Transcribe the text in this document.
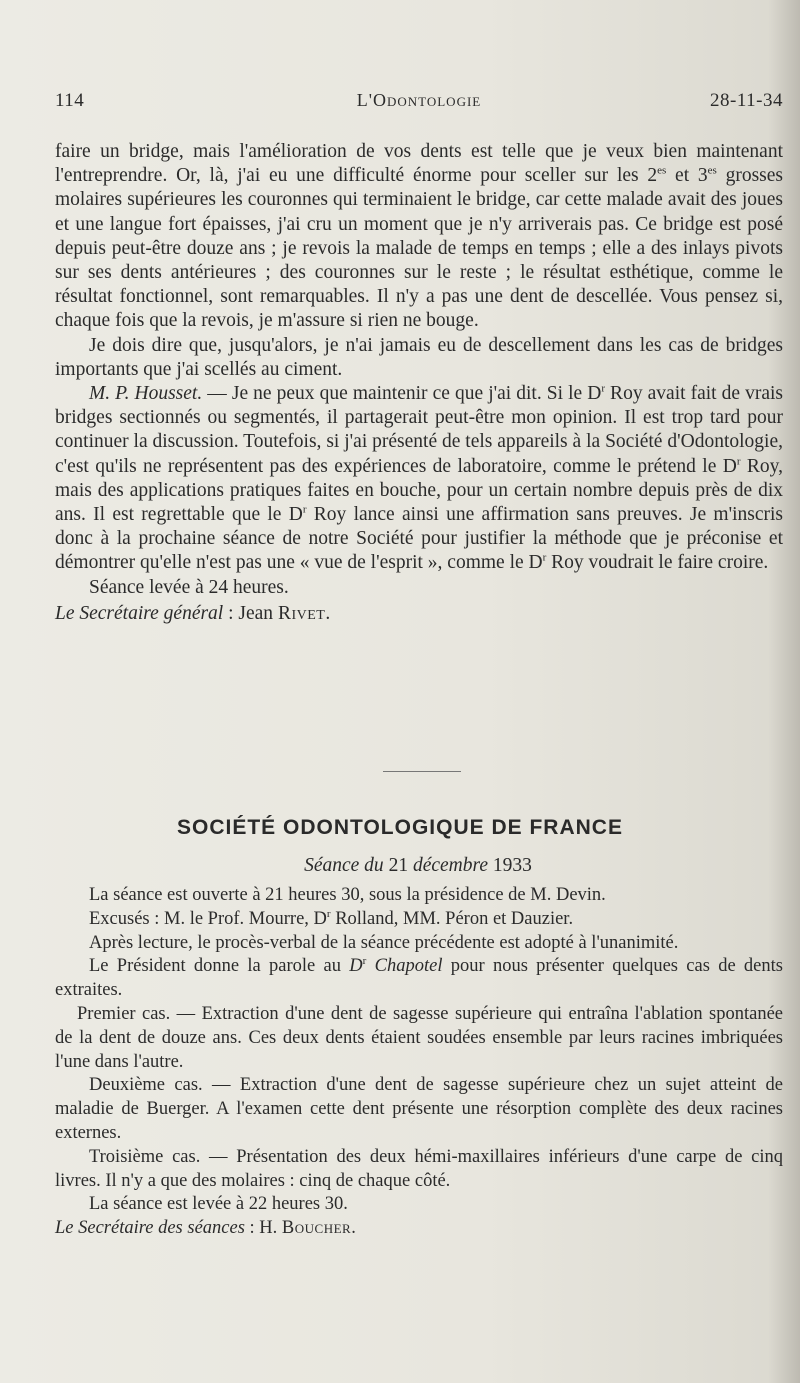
114	L'Odontologie	28-11-34

faire un bridge, mais l'amélioration de vos dents est telle que je veux bien maintenant l'entreprendre. Or, là, j'ai eu une difficulté énorme pour sceller sur les $2^{es}$ et $3^{es}$ grosses molaires supérieures les couronnes qui terminaient le bridge, car cette malade avait des joues et une langue fort épaisses, j'ai cru un moment que je n'y arriverais pas. Ce bridge est posé depuis peut-être douze ans ; je revois la malade de temps en temps ; elle a des inlays pivots sur ses dents antérieures ; des couronnes sur le reste ; le résultat esthétique, comme le résultat fonctionnel, sont remarquables. Il n'y a pas une dent de descellée. Vous pensez si, chaque fois que la revois, je m'assure si rien ne bouge.

Je dois dire que, jusqu'alors, je n'ai jamais eu de descellement dans les cas de bridges importants que j'ai scellés au ciment.

M. P. Housset. — Je ne peux que maintenir ce que j'ai dit. Si le $D^r$ Roy avait fait de vrais bridges sectionnés ou segmentés, il partagerait peut-être mon opinion. Il est trop tard pour continuer la discussion. Toutefois, si j'ai présenté de tels appareils à la Société d'Odontologie, c'est qu'ils ne représentent pas des expériences de laboratoire, comme le prétend le $D^r$ Roy, mais des applications pratiques faites en bouche, pour un certain nombre depuis près de dix ans. Il est regrettable que le $D^r$ Roy lance ainsi une affirmation sans preuves. Je m'inscris donc à la prochaine séance de notre Société pour justifier la méthode que je préconise et démontrer qu'elle n'est pas une « vue de l'esprit », comme le $D^r$ Roy voudrait le faire croire.

Séance levée à 24 heures.

Le Secrétaire général : Jean Rivet.

SOCIÉTÉ ODONTOLOGIQUE DE FRANCE
Séance du 21 décembre 1933

La séance est ouverte à 21 heures 30, sous la présidence de M. Devin.

Excusés : M. le Prof. Mourre, $D^r$ Rolland, MM. Péron et Dauzier.

Après lecture, le procès-verbal de la séance précédente est adopté à l'unanimité.

Le Président donne la parole au $D^r$ Chapotel pour nous présenter quelques cas de dents extraites.

Premier cas. — Extraction d'une dent de sagesse supérieure qui entraîna l'ablation spontanée de la dent de douze ans. Ces deux dents étaient soudées ensemble par leurs racines imbriquées l'une dans l'autre.

Deuxième cas. — Extraction d'une dent de sagesse supérieure chez un sujet atteint de maladie de Buerger. A l'examen cette dent présente une résorption complète des deux racines externes.

Troisième cas. — Présentation des deux hémi-maxillaires inférieurs d'une carpe de cinq livres. Il n'y a que des molaires : cinq de chaque côté.

La séance est levée à 22 heures 30.

Le Secrétaire des séances : H. Boucher.
